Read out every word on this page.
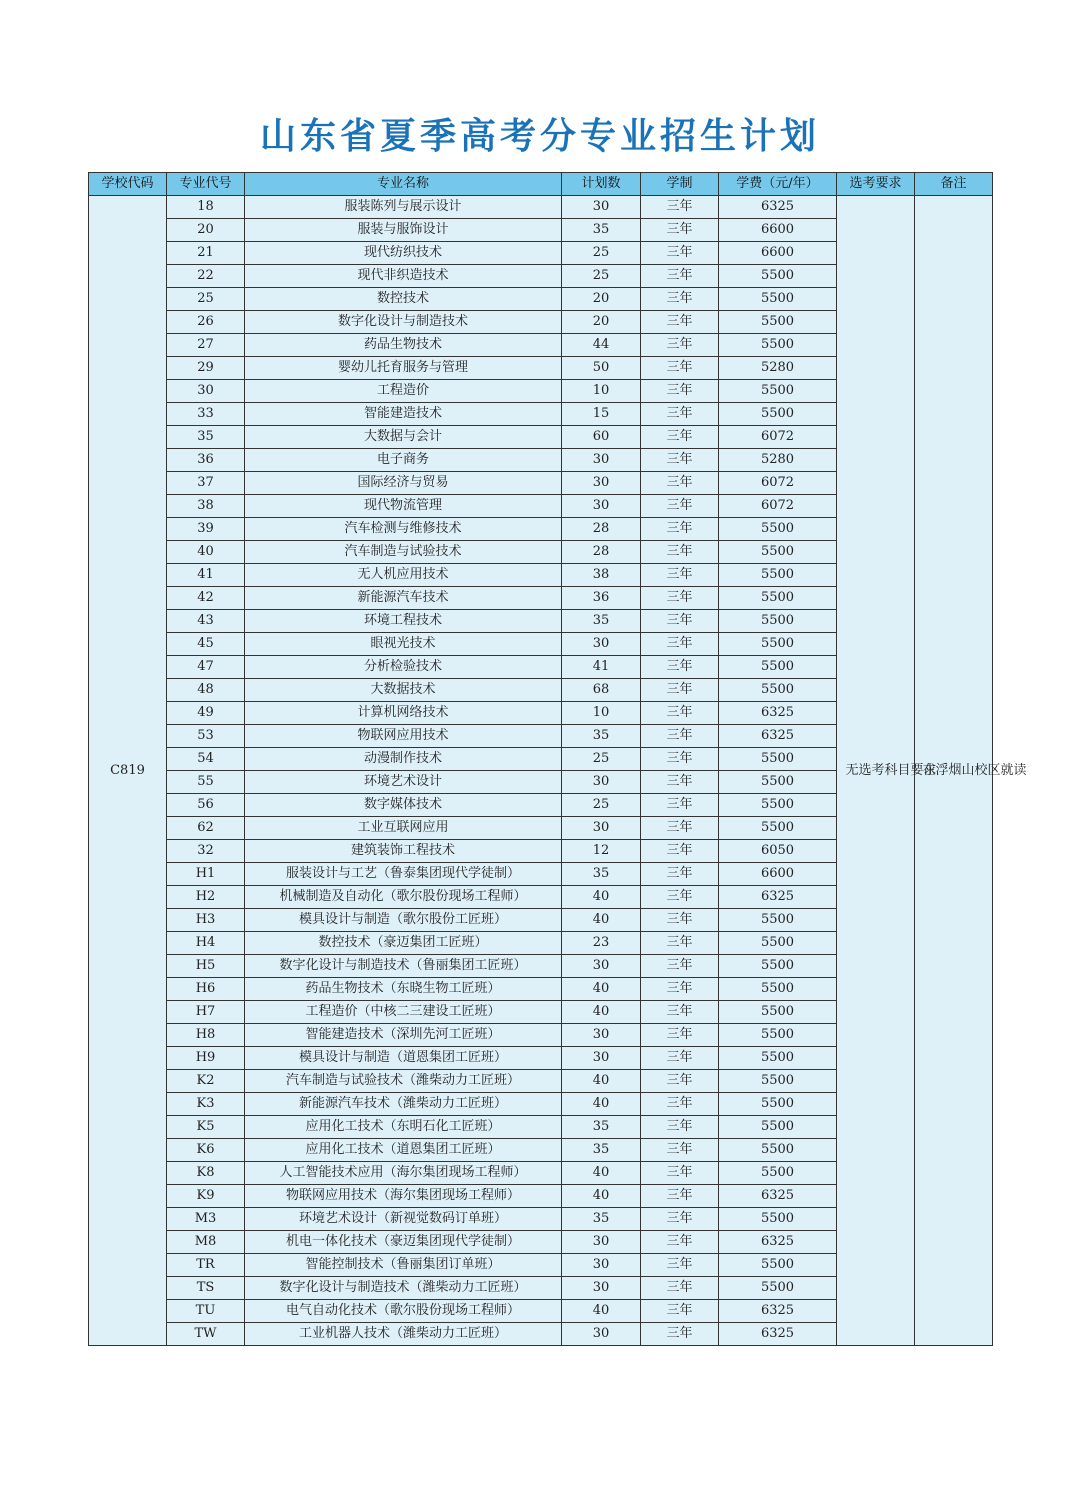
山东省夏季高考分专业招生计划
学校代码	专业代号	专业名称	计划数	学制	学费（元/年）	选考要求	备注
C819	18	服装陈列与展示设计	30	三年	6325	无选考科目要求	在浮烟山校区就读
	20	服装与服饰设计	35	三年	6600		
	21	现代纺织技术	25	三年	6600		
	22	现代非织造技术	25	三年	5500		
	25	数控技术	20	三年	5500		
	26	数字化设计与制造技术	20	三年	5500		
	27	药品生物技术	44	三年	5500		
	29	婴幼儿托育服务与管理	50	三年	5280		
	30	工程造价	10	三年	5500		
	33	智能建造技术	15	三年	5500		
	35	大数据与会计	60	三年	6072		
	36	电子商务	30	三年	5280		
	37	国际经济与贸易	30	三年	6072		
	38	现代物流管理	30	三年	6072		
	39	汽车检测与维修技术	28	三年	5500		
	40	汽车制造与试验技术	28	三年	5500		
	41	无人机应用技术	38	三年	5500		
	42	新能源汽车技术	36	三年	5500		
	43	环境工程技术	35	三年	5500		
	45	眼视光技术	30	三年	5500		
	47	分析检验技术	41	三年	5500		
	48	大数据技术	68	三年	5500		
	49	计算机网络技术	10	三年	6325		
	53	物联网应用技术	35	三年	6325		
	54	动漫制作技术	25	三年	5500		
	55	环境艺术设计	30	三年	5500		
	56	数字媒体技术	25	三年	5500		
	62	工业互联网应用	30	三年	5500		
	32	建筑装饰工程技术	12	三年	6050		
	H1	服装设计与工艺（鲁泰集团现代学徒制）	35	三年	6600		
	H2	机械制造及自动化（歌尔股份现场工程师）	40	三年	6325		
	H3	模具设计与制造（歌尔股份工匠班）	40	三年	5500		
	H4	数控技术（豪迈集团工匠班）	23	三年	5500		
	H5	数字化设计与制造技术（鲁丽集团工匠班）	30	三年	5500		
	H6	药品生物技术（东晓生物工匠班）	40	三年	5500		
	H7	工程造价（中核二三建设工匠班）	40	三年	5500		
	H8	智能建造技术（深圳先河工匠班）	30	三年	5500		
	H9	模具设计与制造（道恩集团工匠班）	30	三年	5500		
	K2	汽车制造与试验技术（潍柴动力工匠班）	40	三年	5500		
	K3	新能源汽车技术（潍柴动力工匠班）	40	三年	5500		
	K5	应用化工技术（东明石化工匠班）	35	三年	5500		
	K6	应用化工技术（道恩集团工匠班）	35	三年	5500		
	K8	人工智能技术应用（海尔集团现场工程师）	40	三年	5500		
	K9	物联网应用技术（海尔集团现场工程师）	40	三年	6325		
	M3	环境艺术设计（新视觉数码订单班）	35	三年	5500		
	M8	机电一体化技术（豪迈集团现代学徒制）	30	三年	6325		
	TR	智能控制技术（鲁丽集团订单班）	30	三年	5500		
	TS	数字化设计与制造技术（潍柴动力工匠班）	30	三年	5500		
	TU	电气自动化技术（歌尔股份现场工程师）	40	三年	6325		
	TW	工业机器人技术（潍柴动力工匠班）	30	三年	6325		
